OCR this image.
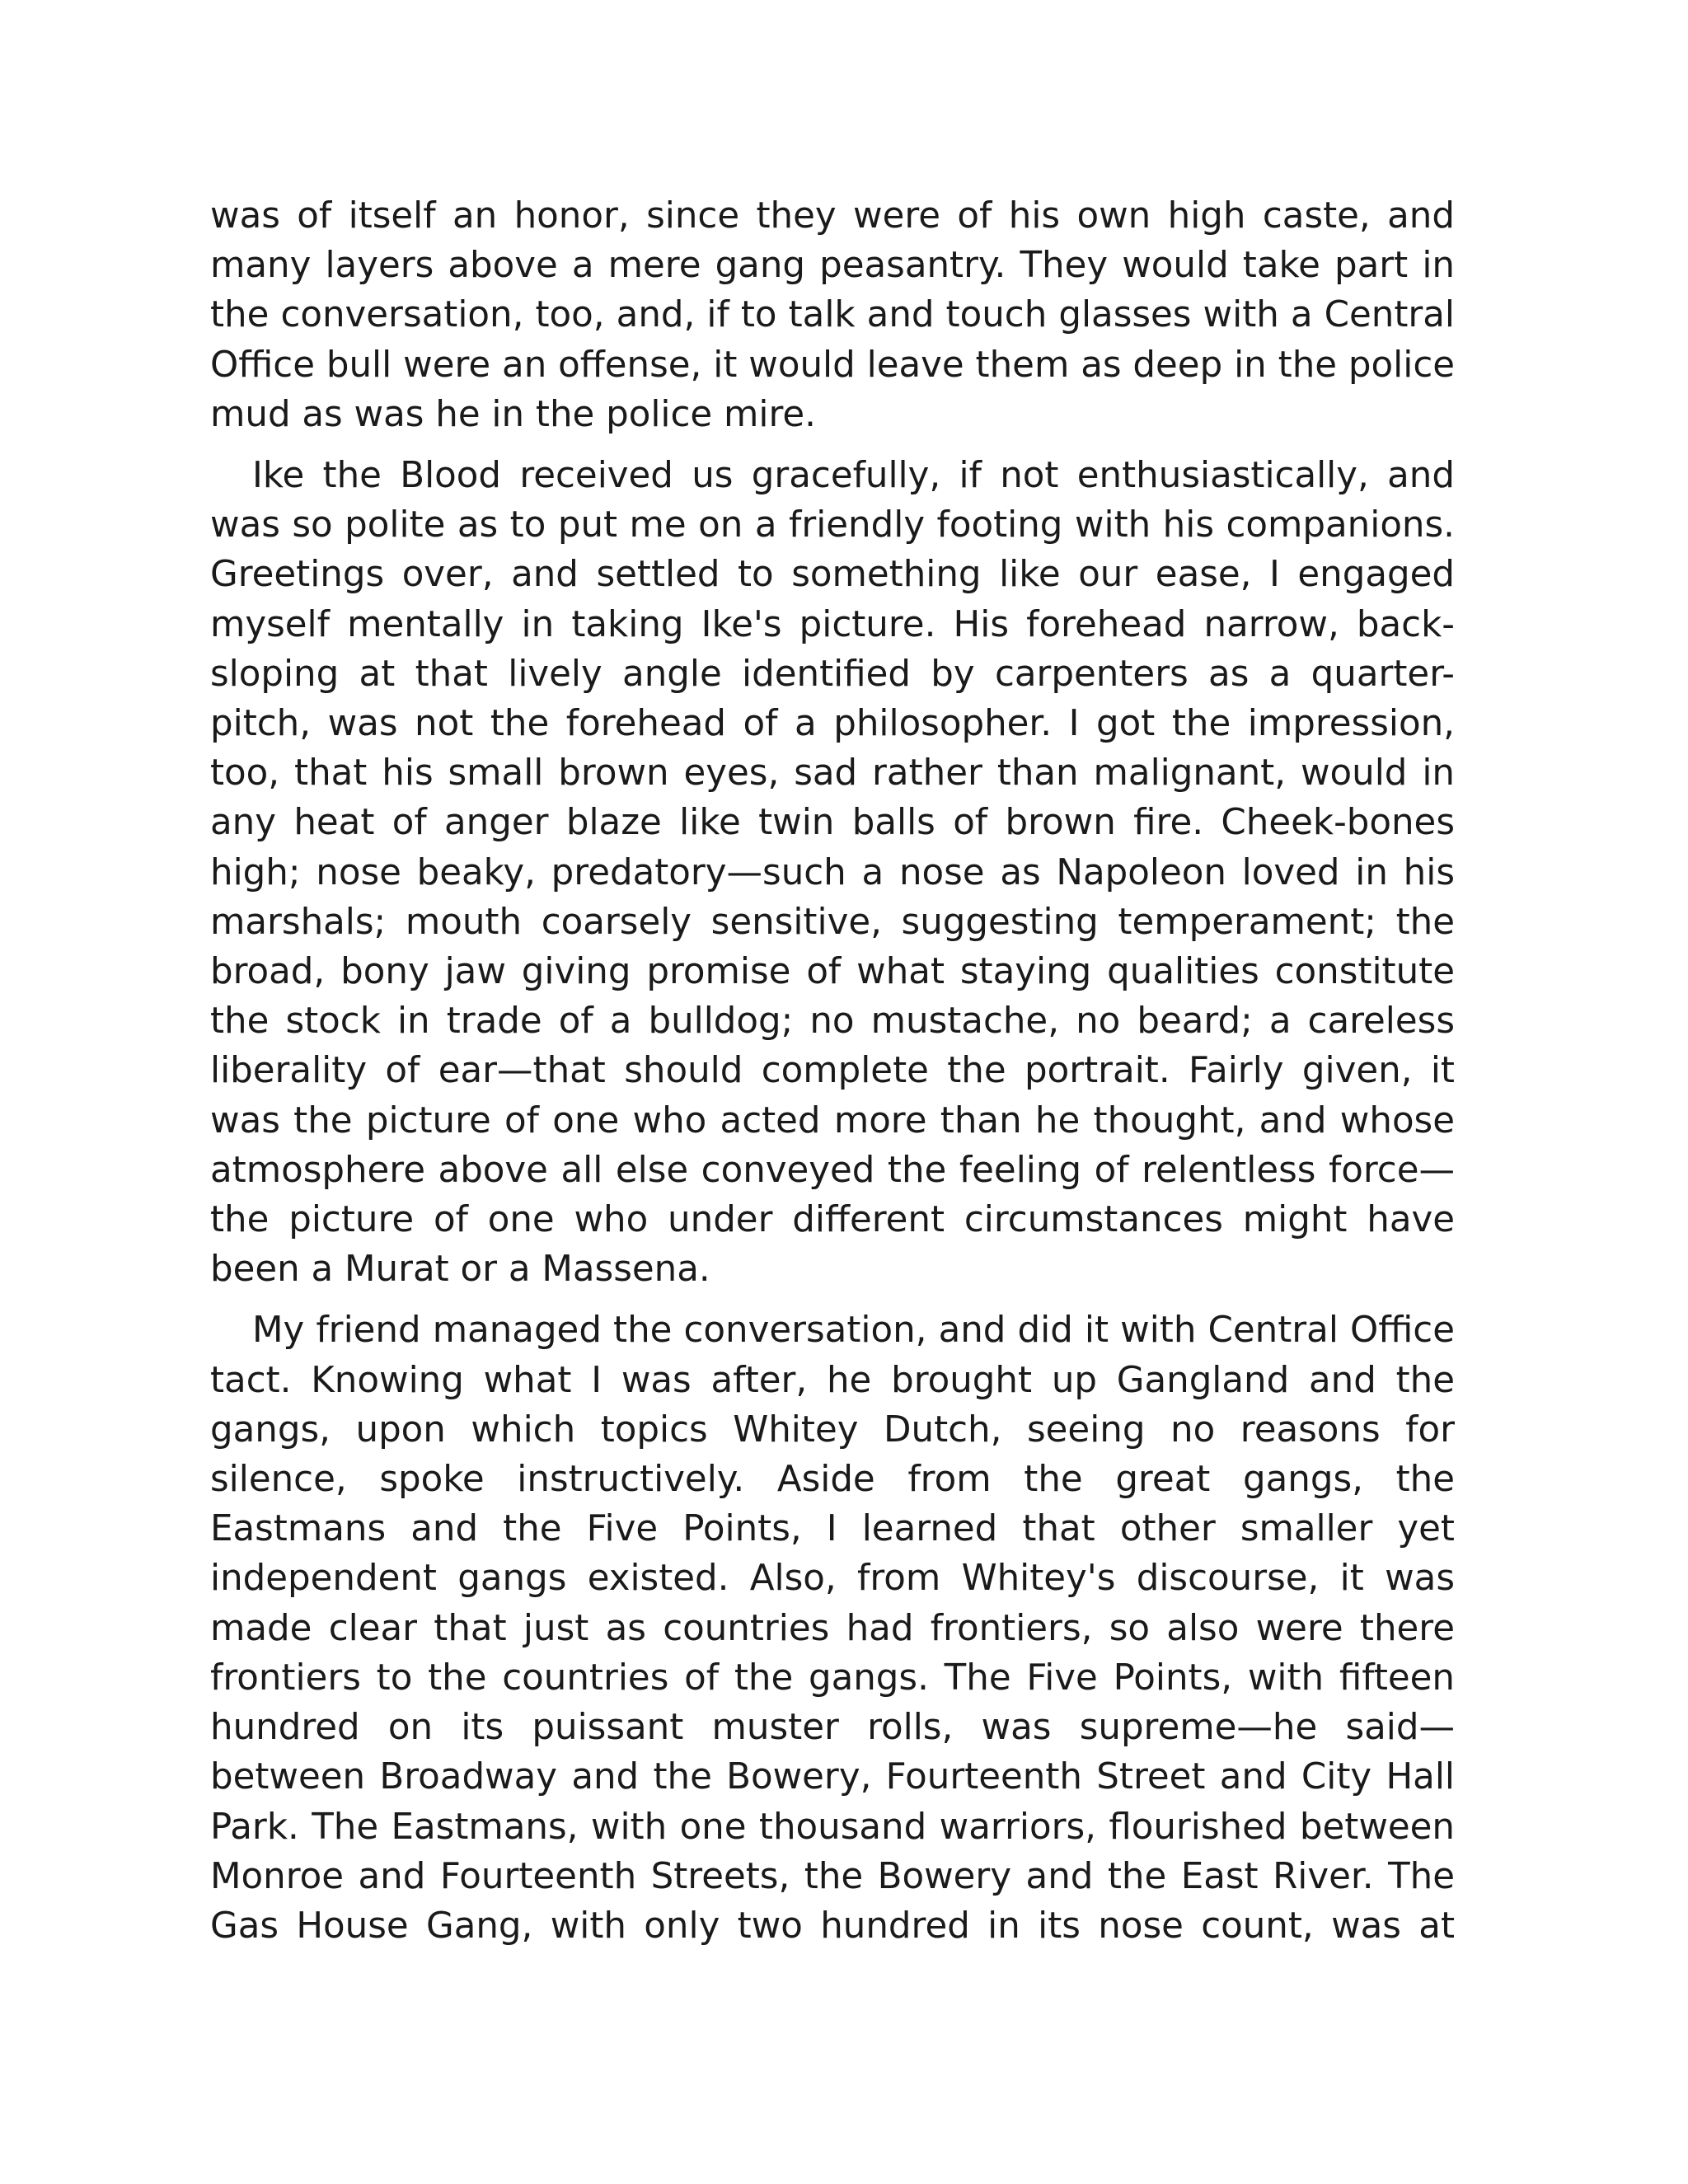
was of itself an honor, since they were of his own high caste, and many layers above a mere gang peasantry. They would take part in the conversation, too, and, if to talk and touch glasses with a Central Office bull were an offense, it would leave them as deep in the police mud as was he in the police mire.

Ike the Blood received us gracefully, if not enthusiastically, and was so polite as to put me on a friendly footing with his companions. Greetings over, and settled to something like our ease, I engaged myself mentally in taking Ike's picture. His forehead narrow, back-sloping at that lively angle identified by carpenters as a quarter-pitch, was not the forehead of a philosopher. I got the impression, too, that his small brown eyes, sad rather than malignant, would in any heat of anger blaze like twin balls of brown fire. Cheek-bones high; nose beaky, predatory—such a nose as Napoleon loved in his marshals; mouth coarsely sensitive, suggesting temperament; the broad, bony jaw giving promise of what staying qualities constitute the stock in trade of a bulldog; no mustache, no beard; a careless liberality of ear—that should complete the portrait. Fairly given, it was the picture of one who acted more than he thought, and whose atmosphere above all else conveyed the feeling of relentless force—the picture of one who under different circumstances might have been a Murat or a Massena.

My friend managed the conversation, and did it with Central Office tact. Knowing what I was after, he brought up Gangland and the gangs, upon which topics Whitey Dutch, seeing no reasons for silence, spoke instructively. Aside from the great gangs, the Eastmans and the Five Points, I learned that other smaller yet independent gangs existed. Also, from Whitey's discourse, it was made clear that just as countries had frontiers, so also were there frontiers to the countries of the gangs. The Five Points, with fifteen hundred on its puissant muster rolls, was supreme—he said—between Broadway and the Bowery, Fourteenth Street and City Hall Park. The Eastmans, with one thousand warriors, flourished between Monroe and Fourteenth Streets, the Bowery and the East River. The Gas House Gang, with only two hundred in its nose count, was at
